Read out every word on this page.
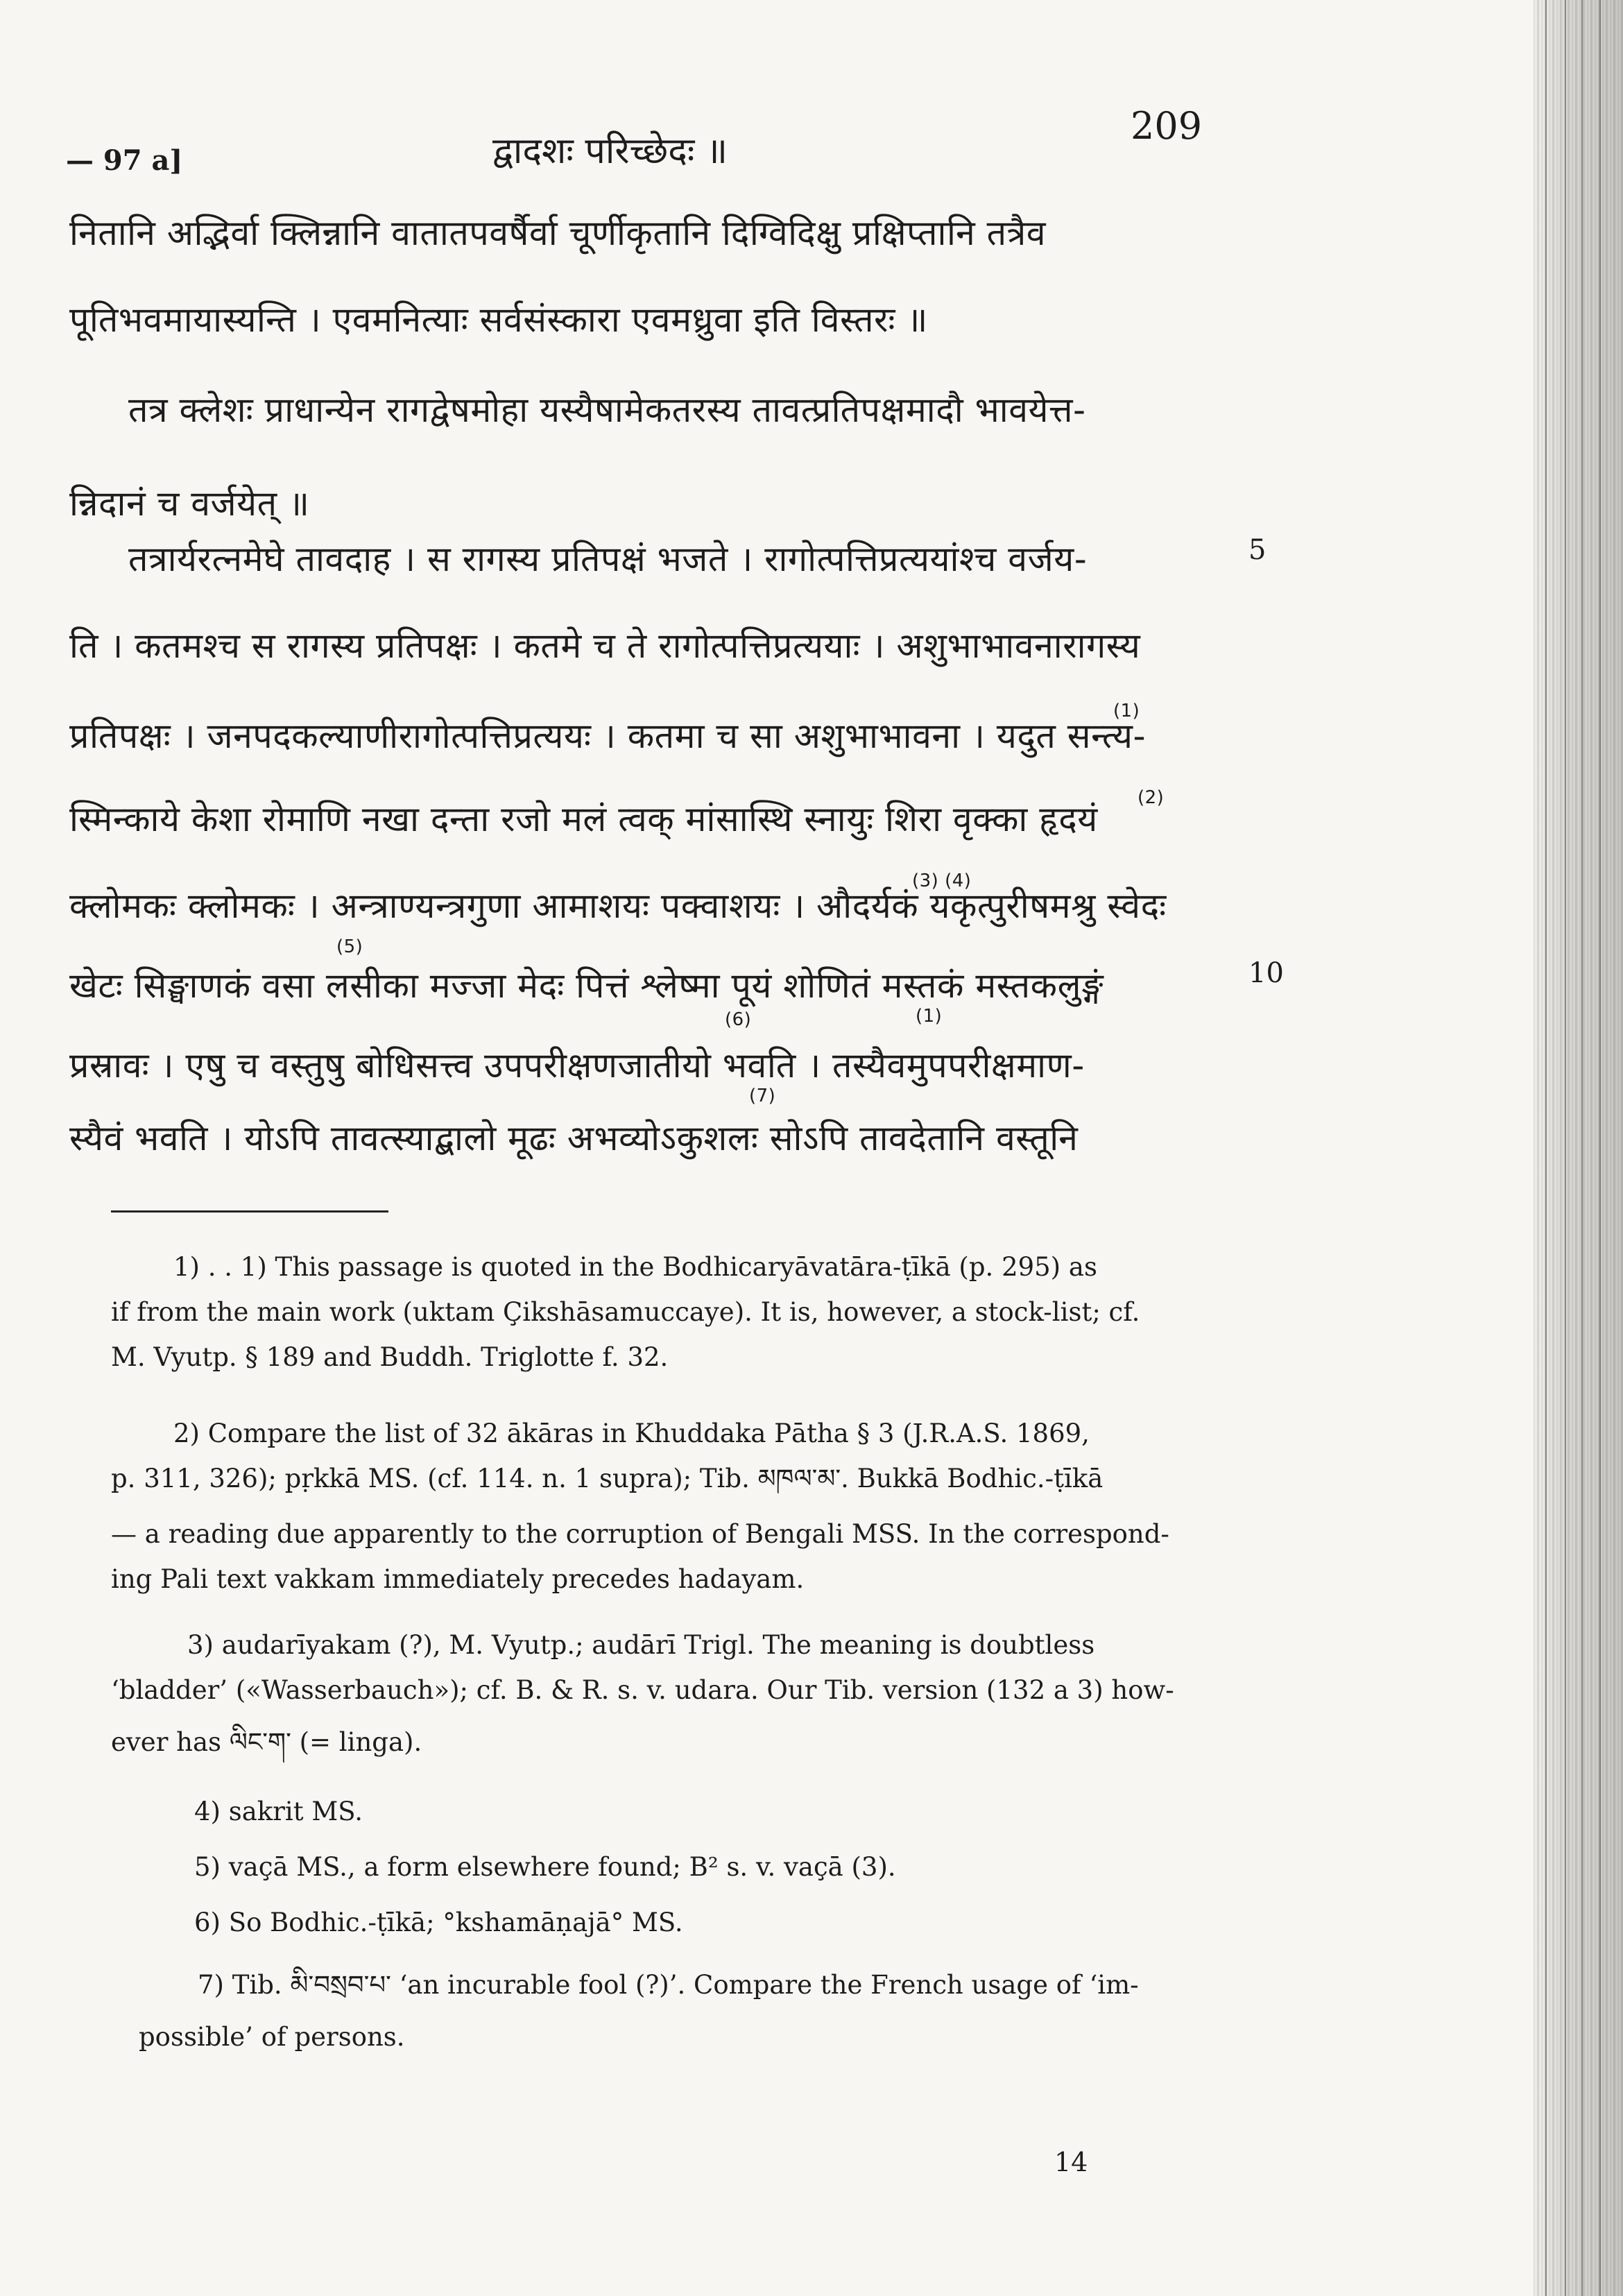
— 97 a]	द्वादशः परिच्छेदः ॥
209
नितानि अद्भिर्वा क्लिन्नानि वातातपवर्षैर्वा चूर्णीकृतानि दिग्विदिक्षु प्रक्षिप्तानि तत्रैव
पूतिभवमायास्यन्ति । एवमनित्याः सर्वसंस्कारा एवमध्रुवा इति विस्तरः ॥
तत्र क्लेशः प्राधान्येन रागद्वेषमोहा यस्यैषामेकतरस्य तावत्प्रतिपक्षमादौ भावयेत्त-
न्निदानं च वर्जयेत् ॥
तत्रार्यरत्नमेघे तावदाह । स रागस्य प्रतिपक्षं भजते । रागोत्पत्तिप्रत्ययांश्च वर्जय-	5
ति । कतमश्च स रागस्य प्रतिपक्षः । कतमे च ते रागोत्पत्तिप्रत्ययाः । अशुभाभावनारागस्य
(1)
प्रतिपक्षः । जनपदकल्याणीरागोत्पत्तिप्रत्ययः । कतमा च सा अशुभाभावना । यदुत सन्त्य-
(2)
स्मिन्काये केशा रोमाणि नखा दन्ता रजो मलं त्वक् मांसास्थि स्नायुः शिरा वृक्का हृदयं
(3) (4)
क्लोमकः क्लोमकः । अन्त्राण्यन्त्रगुणा आमाशयः पक्वाशयः । औदर्यकं यकृत्पुरीषमश्रु स्वेदः
(5)
खेटः सिङ्घाणकं वसा लसीका मज्जा मेदः पित्तं श्लेष्मा पूयं शोणितं मस्तकं मस्तकलुङ्गं	10
(6)	(1)
प्रस्रावः । एषु च वस्तुषु बोधिसत्त्व उपपरीक्षणजातीयो भवति । तस्यैवमुपपरीक्षमाण-
(7)
स्यैवं भवति । योऽपि तावत्स्याद्बालो मूढः अभव्योऽकुशलः सोऽपि तावदेतानि वस्तूनि
1) . . 1) This passage is quoted in the Bodhicaryāvatāra-ṭīkā (p. 295) as
if from the main work (uktam Çikshāsamuccaye). It is, however, a stock-list; cf.
M. Vyutp. § 189 and Buddh. Triglotte f. 32.
2) Compare the list of 32 ākāras in Khuddaka Pātha § 3 (J.R.A.S. 1869,
p. 311, 326); pṛkkā MS. (cf. 114. n. 1 supra); Tib. མཁལ་མ་. Bukkā Bodhic.-ṭīkā
— a reading due apparently to the corruption of Bengali MSS. In the correspond-
ing Pali text vakkam immediately precedes hadayam.
3) audarīyakam (?), M. Vyutp.; audārī Trigl. The meaning is doubtless
‘bladder’ («Wasserbauch»); cf. B. & R. s. v. udara. Our Tib. version (132 a 3) how-
ever has ལིང་ག་ (= linga).
4) sakrit MS.
5) vaçā MS., a form elsewhere found; B² s. v. vaçā (3).
6) So Bodhic.-ṭīkā; °kshamāṇajā° MS.
7) Tib. མི་བསྲབ་པ་ ‘an incurable fool (?)’. Compare the French usage of ‘im-
possible’ of persons.
14
